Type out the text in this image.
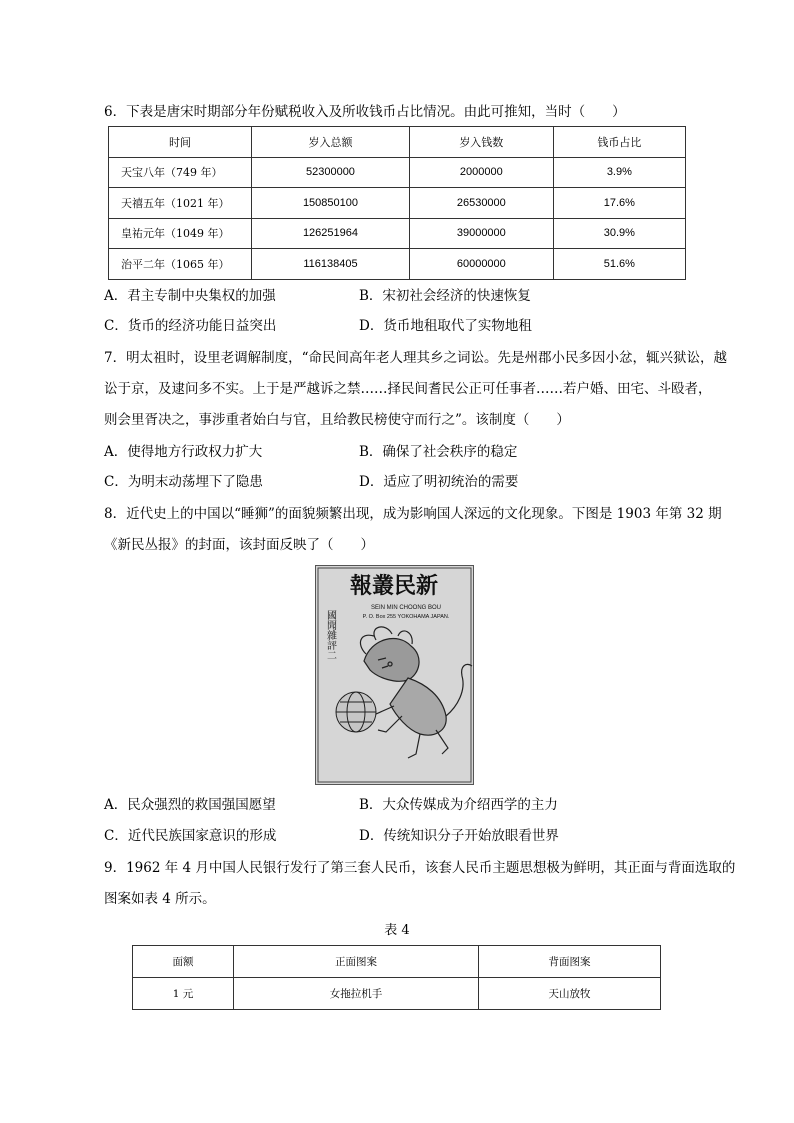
6．下表是唐宋时期部分年份赋税收入及所收钱币占比情况。由此可推知，当时（　　）
时间	岁入总额	岁入钱数	钱币占比
天宝八年（749 年）	52300000	2000000	3.9%
天禧五年（1021 年）	150850100	26530000	17.6%
皇祐元年（1049 年）	126251964	39000000	30.9%
治平二年（1065 年）	116138405	60000000	51.6%
A．君主专制中央集权的加强	B．宋初社会经济的快速恢复
C．货币的经济功能日益突出	D．货币地租取代了实物地租
7．明太祖时，设里老调解制度，“命民间高年老人理其乡之词讼。先是州郡小民多因小忿，辄兴狱讼，越
讼于京，及逮问多不实。上于是严越诉之禁……择民间耆民公正可任事者……若户婚、田宅、斗殴者，
则会里胥决之，事涉重者始白与官，且给教民榜使守而行之”。该制度（　　）
A．使得地方行政权力扩大	B．确保了社会秩序的稳定
C．为明末动荡埋下了隐患	D．适应了明初统治的需要
8．近代史上的中国以“睡狮”的面貌频繁出现，成为影响国人深远的文化现象。下图是 1903 年第 32 期
《新民丛报》的封面，该封面反映了（　　）
報叢民新
SEIN MIN CHOONG BOU
P. O. Box 255 YOKOHAMA JAPAN.
國聞雜評二
A．民众强烈的救国强国愿望	B．大众传媒成为介绍西学的主力
C．近代民族国家意识的形成	D．传统知识分子开始放眼看世界
9．1962 年 4 月中国人民银行发行了第三套人民币，该套人民币主题思想极为鲜明，其正面与背面选取的
图案如表 4 所示。
表 4
面额	正面图案	背面图案
1 元	女拖拉机手	天山放牧
